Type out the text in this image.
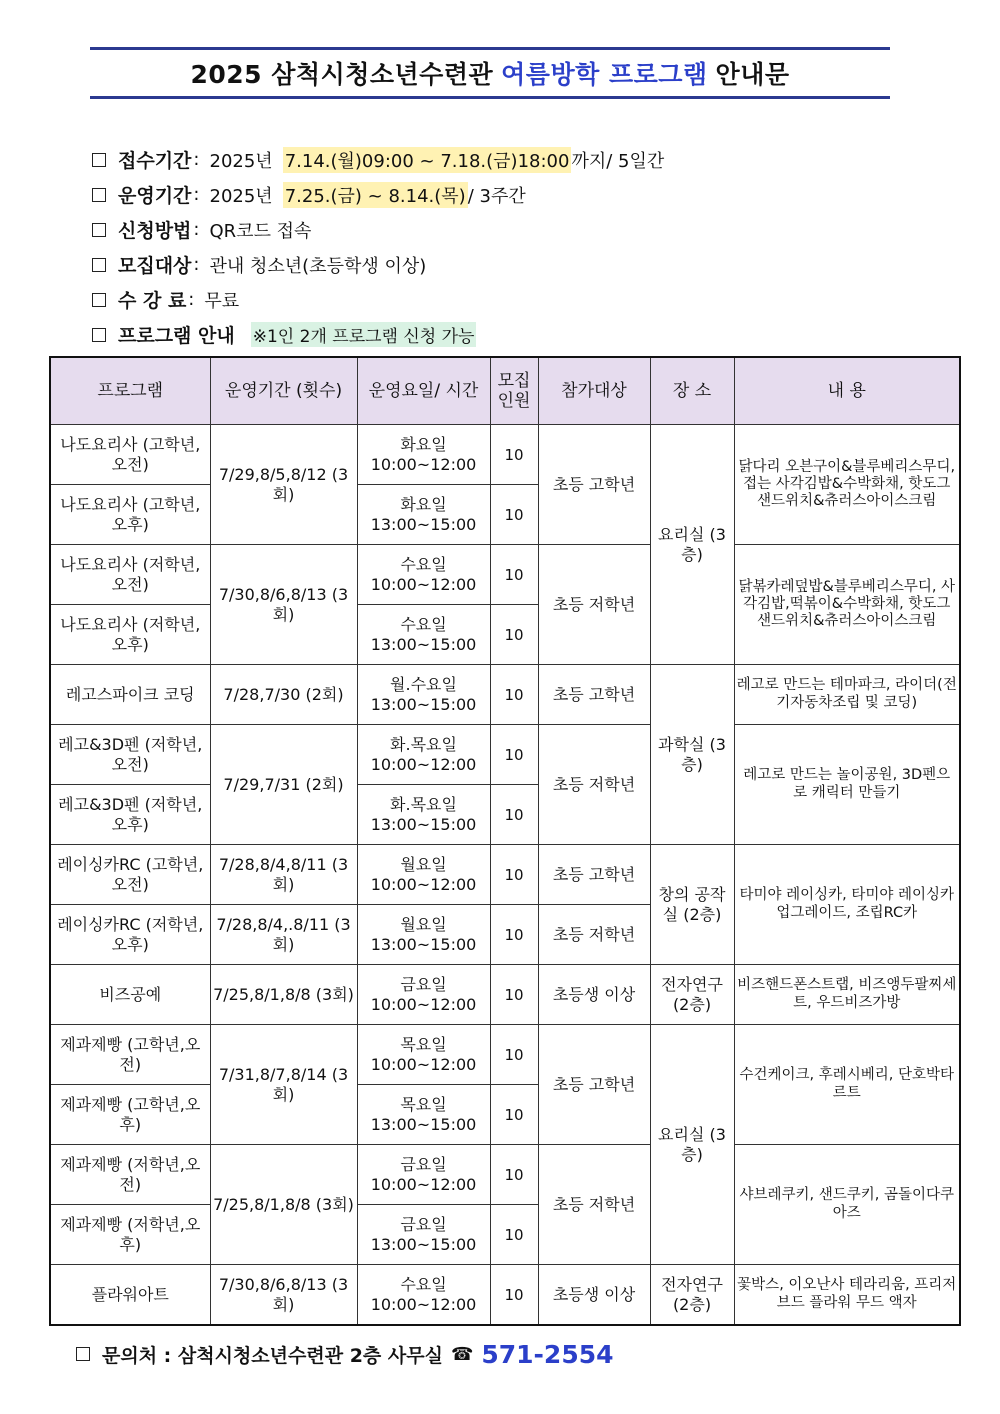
2025 삼척시청소년수련관 여름방학 프로그램 안내문
접수기간 : 2025년 7.14.(월)09:00 ~ 7.18.(금)18:00 까지/ 5일간
운영기간 : 2025년 7.25.(금) ~ 8.14.(목) / 3주간
신청방법 : QR코드 접속
모집대상 : 관내 청소년(초등학생 이상)
수 강 료 : 무료
프로그램 안내 ※1인 2개 프로그램 신청 가능
프로그램	운영기간 (횟수)	운영요일/ 시간	모집 인원	참가대상	장 소	내 용
나도요리사 (고학년,오전)	7/29,8/5,8/12 (3회)	화요일 10:00~12:00	10	초등 고학년	요리실 (3층)	닭다리 오븐구이&블루베리스무디, 접는 사각김밥&수박화채, 핫도그샌드위치&츄러스아이스크림
나도요리사 (고학년,오후)		화요일 13:00~15:00	10			
나도요리사 (저학년,오전)	7/30,8/6,8/13 (3회)	수요일 10:00~12:00	10	초등 저학년		닭볶카레덮밥&블루베리스무디, 사각김밥,떡볶이&수박화채, 핫도그샌드위치&츄러스아이스크림
나도요리사 (저학년,오후)		수요일 13:00~15:00	10			
레고스파이크 코딩	7/28,7/30 (2회)	월.수요일 13:00~15:00	10	초등 고학년	과학실 (3층)	레고로 만드는 테마파크, 라이더(전기자동차조립 및 코딩)
레고&3D펜 (저학년,오전)	7/29,7/31 (2회)	화.목요일 10:00~12:00	10	초등 저학년		레고로 만드는 놀이공원, 3D펜으로 캐릭터 만들기
레고&3D펜 (저학년,오후)		화.목요일 13:00~15:00	10			
레이싱카RC (고학년,오전)	7/28,8/4,8/11 (3회)	월요일 10:00~12:00	10	초등 고학년	창의 공작실 (2층)	타미야 레이싱카, 타미야 레이싱카 업그레이드, 조립RC카
레이싱카RC (저학년,오후)	7/28,8/4,.8/11 (3회)	월요일 13:00~15:00	10	초등 저학년		
비즈공예	7/25,8/1,8/8 (3회)	금요일 10:00~12:00	10	초등생 이상	전자연구 (2층)	비즈핸드폰스트랩, 비즈앵두팔찌세트, 우드비즈가방
제과제빵 (고학년,오전)	7/31,8/7,8/14 (3회)	목요일 10:00~12:00	10	초등 고학년	요리실 (3층)	수건케이크, 후레시베리, 단호박타르트
제과제빵 (고학년,오후)		목요일 13:00~15:00	10			
제과제빵 (저학년,오전)	7/25,8/1,8/8 (3회)	금요일 10:00~12:00	10	초등 저학년		샤브레쿠키, 샌드쿠키, 곰돌이다쿠아즈
제과제빵 (저학년,오후)		금요일 13:00~15:00	10			
플라워아트	7/30,8/6,8/13 (3회)	수요일 10:00~12:00	10	초등생 이상	전자연구 (2층)	꽃박스, 이오난사 테라리움, 프리저브드 플라워 무드 액자
문의처 : 삼척시청소년수련관 2층 사무실 ☎ 571-2554
